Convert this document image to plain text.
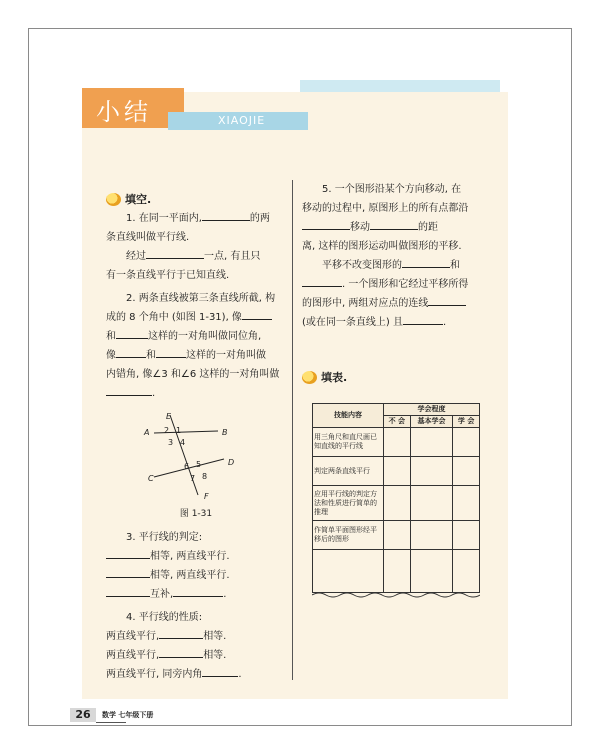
小结	XIAOJIE
填空.

1. 在同一平面内,	的两

条直线叫做平行线.

经过	一点, 有且只

有一条直线平行于已知直线.

2. 两条直线被第三条直线所截, 构

成的 8 个角中 (如图 1-31), 像

和	这样的一对角叫做同位角,

像	和	这样的一对角叫做

内错角, 像∠3 和∠6 这样的一对角叫做

.

E
A	B
C
D
F
1
2
3 4
5
6
7 8
图 1-31

3. 平行线的判定:

相等, 两直线平行.

相等, 两直线平行.

互补,	.

4. 平行线的性质:

两直线平行,	相等.

两直线平行,	相等.

两直线平行, 同旁内角	.

5. 一个图形沿某个方向移动, 在

移动的过程中, 原图形上的所有点都沿

移动	的距

离, 这样的图形运动叫做图形的平移.

平移不改变图形的	和

. 一个图形和它经过平移所得

的图形中, 两组对应点的连线

(或在同一条直线上) 且	.

填表.
技能内容	学会程度		
	不 会	基本学会	学 会
用三角尺和直尺画已知直线的平行线			
判定两条直线平行			
应用平行线的判定方法和性质进行简单的推理			
作简单平面图形经平移后的图形			

26	数学 七年级下册
